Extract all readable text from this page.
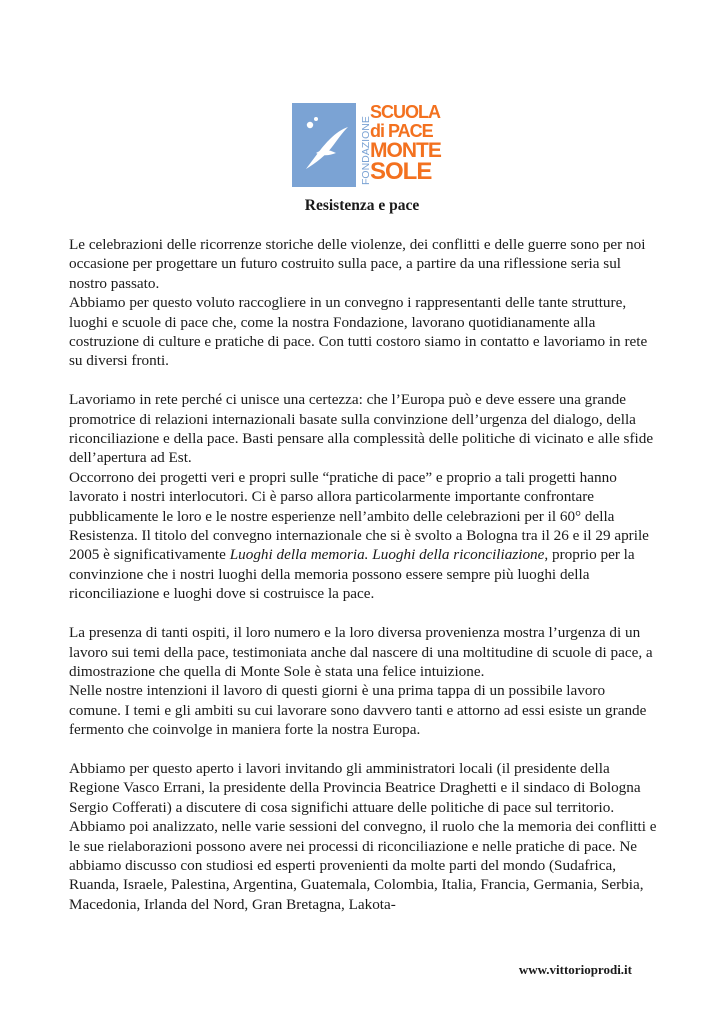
FONDAZIONE
SCUOLA
di PACE
MONTE
SOLE
Resistenza e pace

Le celebrazioni delle ricorrenze storiche delle violenze, dei conflitti e delle guerre sono per noi occasione per progettare un futuro costruito sulla pace, a partire da una riflessione seria sul nostro passato.

Abbiamo per questo voluto raccogliere in un convegno i rappresentanti delle tante strutture, luoghi e scuole di pace che, come la nostra Fondazione, lavorano quotidianamente alla costruzione di culture e pratiche di pace. Con tutti costoro siamo in contatto e lavoriamo in rete su diversi fronti.

Lavoriamo in rete perché ci unisce una certezza: che l’Europa può e deve essere una grande promotrice di relazioni internazionali basate sulla convinzione dell’urgenza del dialogo, della riconciliazione e della pace. Basti pensare alla complessità delle politiche di vicinato e alle sfide dell’apertura ad Est.

Occorrono dei progetti veri e propri sulle “pratiche di pace” e proprio a tali progetti hanno lavorato i nostri interlocutori. Ci è parso allora particolarmente importante confrontare pubblicamente le loro e le nostre esperienze nell’ambito delle celebrazioni per il 60° della Resistenza. Il titolo del convegno internazionale che si è svolto a Bologna tra il 26 e il 29 aprile 2005 è significativamente Luoghi della memoria. Luoghi della riconciliazione, proprio per la convinzione che i nostri luoghi della memoria possono essere sempre più luoghi della riconciliazione e luoghi dove si costruisce la pace.

La presenza di tanti ospiti, il loro numero e la loro diversa provenienza mostra l’urgenza di un lavoro sui temi della pace, testimoniata anche dal nascere di una moltitudine di scuole di pace, a dimostrazione che quella di Monte Sole è stata una felice intuizione.

Nelle nostre intenzioni il lavoro di questi giorni è una prima tappa di un possibile lavoro comune. I temi e gli ambiti su cui lavorare sono davvero tanti e attorno ad essi esiste un grande fermento che coinvolge in maniera forte la nostra Europa.

Abbiamo per questo aperto i lavori invitando gli amministratori locali (il presidente della Regione Vasco Errani, la presidente della Provincia Beatrice Draghetti e il sindaco di Bologna Sergio Cofferati) a discutere di cosa significhi attuare delle politiche di pace sul territorio.

Abbiamo poi analizzato, nelle varie sessioni del convegno, il ruolo che la memoria dei conflitti e le sue rielaborazioni possono avere nei processi di riconciliazione e nelle pratiche di pace. Ne abbiamo discusso con studiosi ed esperti provenienti da molte parti del mondo (Sudafrica, Ruanda, Israele, Palestina, Argentina, Guatemala, Colombia, Italia, Francia, Germania, Serbia, Macedonia, Irlanda del Nord, Gran Bretagna, Lakota-

www.vittorioprodi.it
